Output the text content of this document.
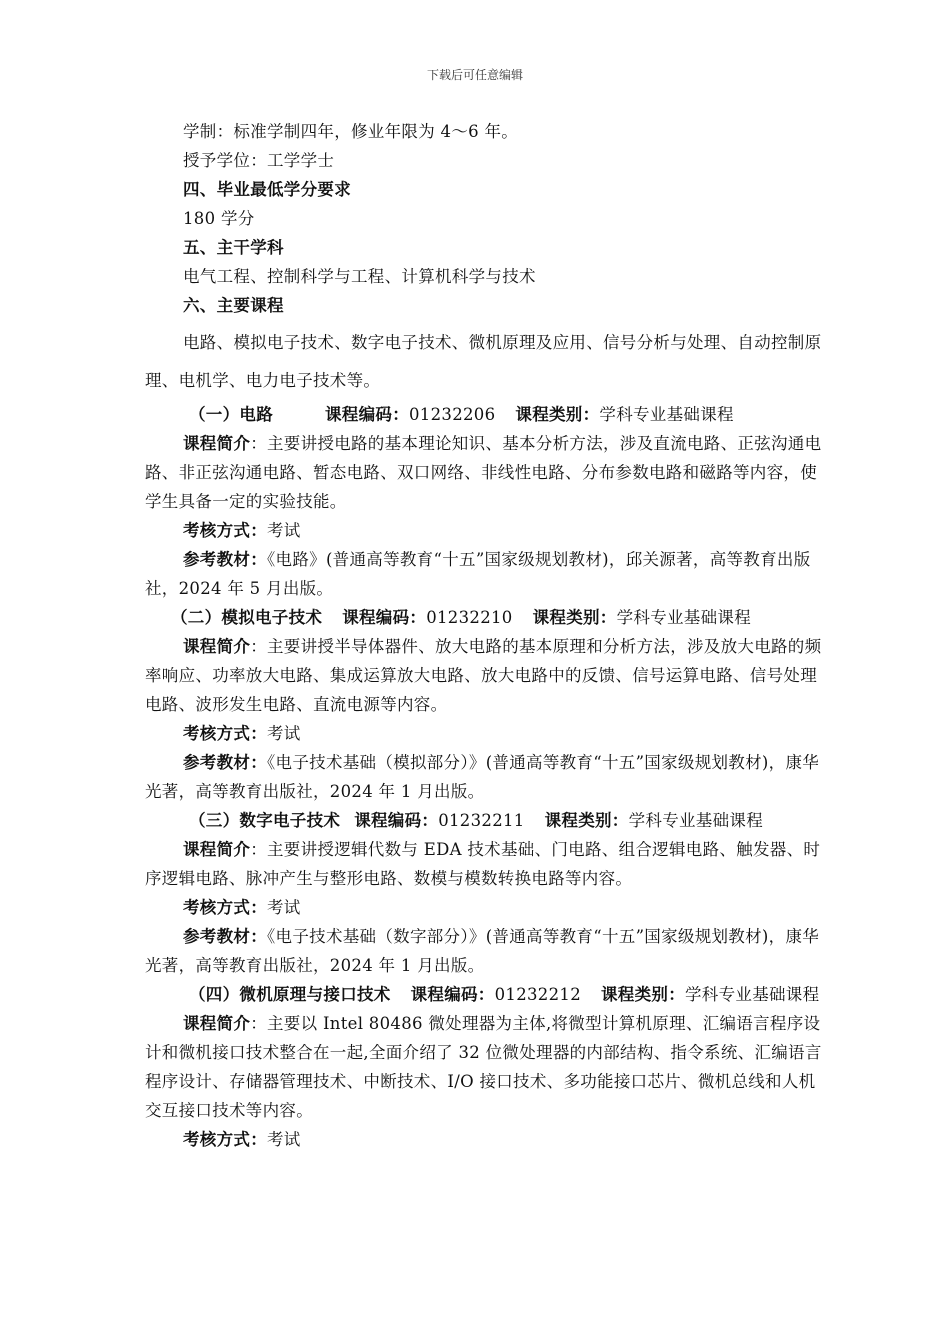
下载后可任意编辑

学制：标准学制四年，修业年限为 4～6 年。

授予学位：工学学士

四、毕业最低学分要求

180 学分

五、主干学科

电气工程、控制科学与工程、计算机科学与技术

六、主要课程

电路、模拟电子技术、数字电子技术、微机原理及应用、信号分析与处理、自动控制原理、电机学、电力电子技术等。

（一）电路	课程编码：01232206 课程类别：学科专业基础课程

课程简介：主要讲授电路的基本理论知识、基本分析方法，涉及直流电路、正弦沟通电路、非正弦沟通电路、暂态电路、双口网络、非线性电路、分布参数电路和磁路等内容，使学生具备一定的实验技能。

考核方式：考试

参考教材：《电路》(普通高等教育“十五”国家级规划教材)，邱关源著，高等教育出版社，2024 年 5 月出版。

（二）模拟电子技术 课程编码：01232210 课程类别：学科专业基础课程

课程简介：主要讲授半导体器件、放大电路的基本原理和分析方法，涉及放大电路的频率响应、功率放大电路、集成运算放大电路、放大电路中的反馈、信号运算电路、信号处理电路、波形发生电路、直流电源等内容。

考核方式：考试

参考教材：《电子技术基础（模拟部分）》(普通高等教育“十五”国家级规划教材)，康华光著，高等教育出版社，2024 年 1 月出版。

（三）数字电子技术 课程编码：01232211 课程类别：学科专业基础课程

课程简介：主要讲授逻辑代数与 EDA 技术基础、门电路、组合逻辑电路、触发器、时序逻辑电路、脉冲产生与整形电路、数模与模数转换电路等内容。

考核方式：考试

参考教材：《电子技术基础（数字部分）》(普通高等教育“十五”国家级规划教材)，康华光著，高等教育出版社，2024 年 1 月出版。

（四）微机原理与接口技术 课程编码：01232212 课程类别：学科专业基础课程

课程简介：主要以 Intel 80486 微处理器为主体,将微型计算机原理、汇编语言程序设计和微机接口技术整合在一起,全面介绍了 32 位微处理器的内部结构、指令系统、汇编语言程序设计、存储器管理技术、中断技术、I/O 接口技术、多功能接口芯片、微机总线和人机交互接口技术等内容。

考核方式：考试
